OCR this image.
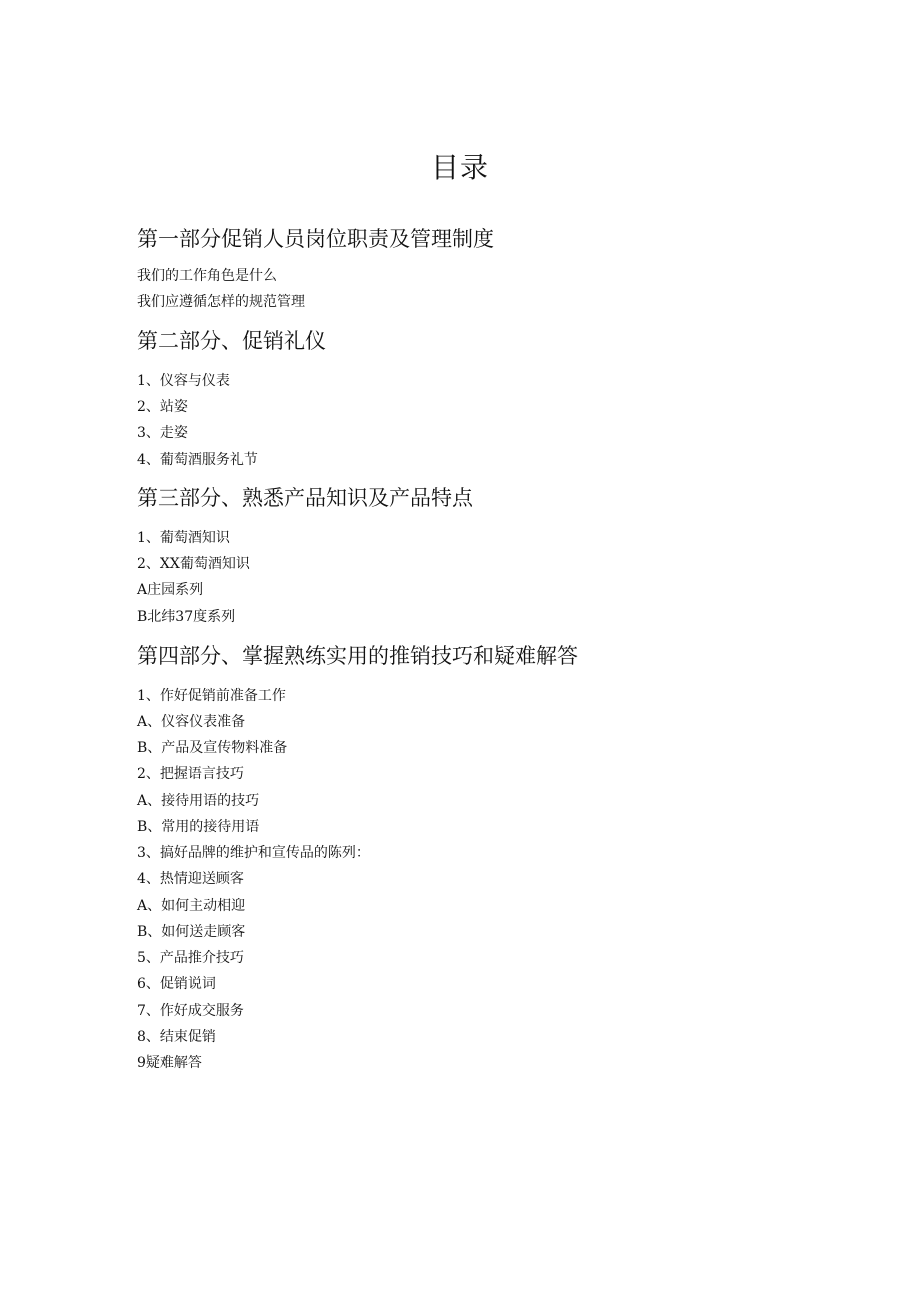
目录
第一部分促销人员岗位职责及管理制度
我们的工作角色是什么
我们应遵循怎样的规范管理
第二部分、促销礼仪
1、仪容与仪表
2、站姿
3、走姿
4、葡萄酒服务礼节
第三部分、熟悉产品知识及产品特点
1、葡萄酒知识
2、XX葡萄酒知识
A庄园系列
B北纬37度系列
第四部分、掌握熟练实用的推销技巧和疑难解答
1、作好促销前准备工作
A、仪容仪表准备
B、产品及宣传物料准备
2、把握语言技巧
A、接待用语的技巧
B、常用的接待用语
3、搞好品牌的维护和宣传品的陈列：
4、热情迎送顾客
A、如何主动相迎
B、如何送走顾客
5、产品推介技巧
6、促销说词
7、作好成交服务
8、结束促销
9疑难解答
